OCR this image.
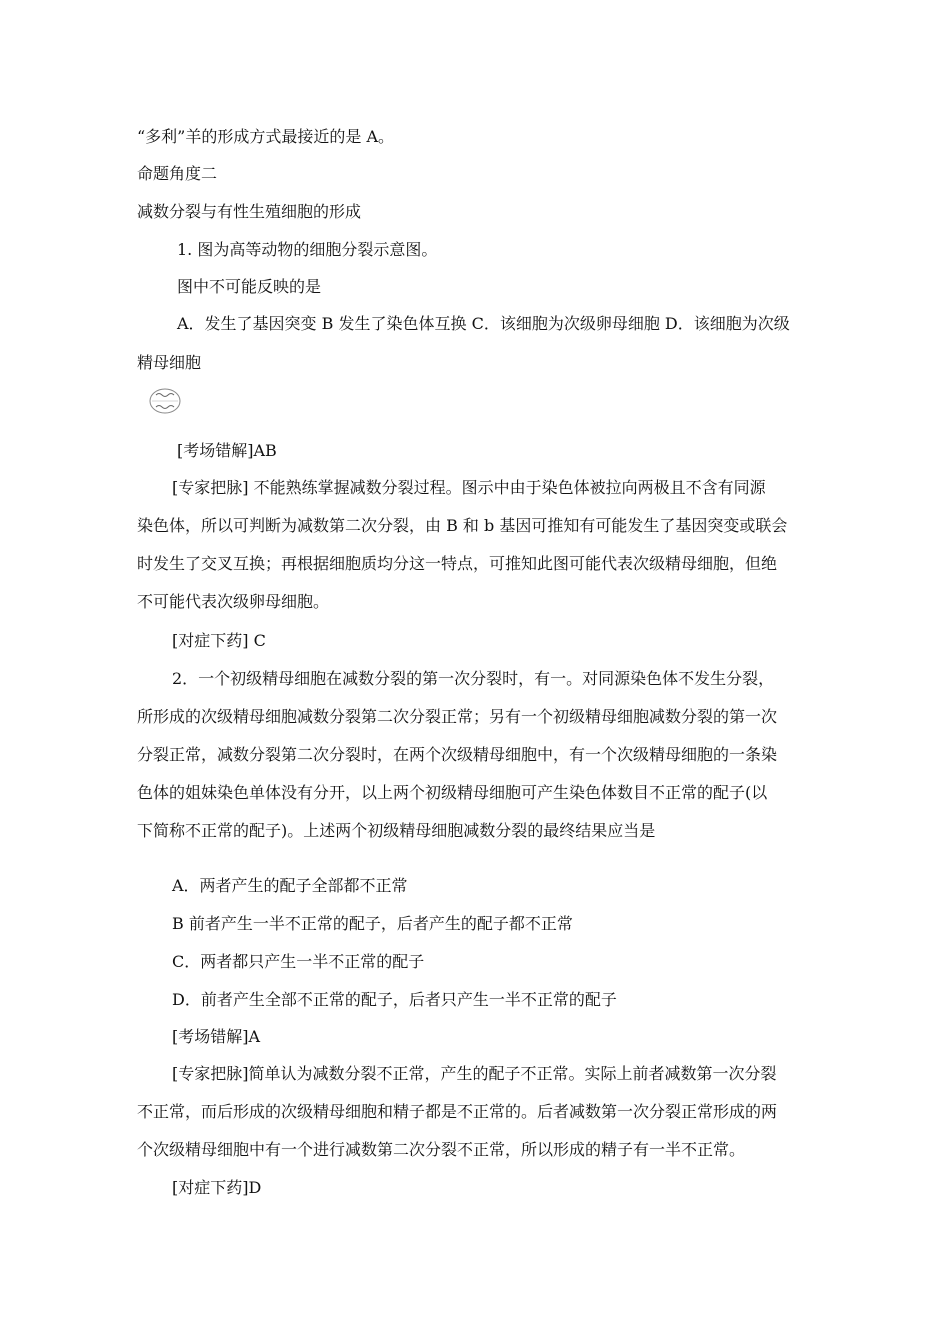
“多利”羊的形成方式最接近的是 A。
命题角度二
减数分裂与有性生殖细胞的形成
1. 图为高等动物的细胞分裂示意图。
图中不可能反映的是
A．发生了基因突变 B 发生了染色体互换 C．该细胞为次级卵母细胞 D．该细胞为次级
精母细胞
[考场错解]AB
[专家把脉] 不能熟练掌握减数分裂过程。图示中由于染色体被拉向两极且不含有同源
染色体，所以可判断为减数第二次分裂，由 B 和 b 基因可推知有可能发生了基因突变或联会
时发生了交叉互换；再根据细胞质均分这一特点，可推知此图可能代表次级精母细胞，但绝
不可能代表次级卵母细胞。
[对症下药] C
2．一个初级精母细胞在减数分裂的第一次分裂时，有一。对同源染色体不发生分裂，
所形成的次级精母细胞减数分裂第二次分裂正常；另有一个初级精母细胞减数分裂的第一次
分裂正常，减数分裂第二次分裂时，在两个次级精母细胞中，有一个次级精母细胞的一条染
色体的姐妹染色单体没有分开，以上两个初级精母细胞可产生染色体数目不正常的配子(以
下简称不正常的配子)。上述两个初级精母细胞减数分裂的最终结果应当是
A．两者产生的配子全部都不正常
B 前者产生一半不正常的配子，后者产生的配子都不正常
C．两者都只产生一半不正常的配子
D．前者产生全部不正常的配子，后者只产生一半不正常的配子
[考场错解]A
[专家把脉]简单认为减数分裂不正常，产生的配子不正常。实际上前者减数第一次分裂
不正常，而后形成的次级精母细胞和精子都是不正常的。后者减数第一次分裂正常形成的两
个次级精母细胞中有一个进行减数第二次分裂不正常，所以形成的精子有一半不正常。
[对症下药]D
